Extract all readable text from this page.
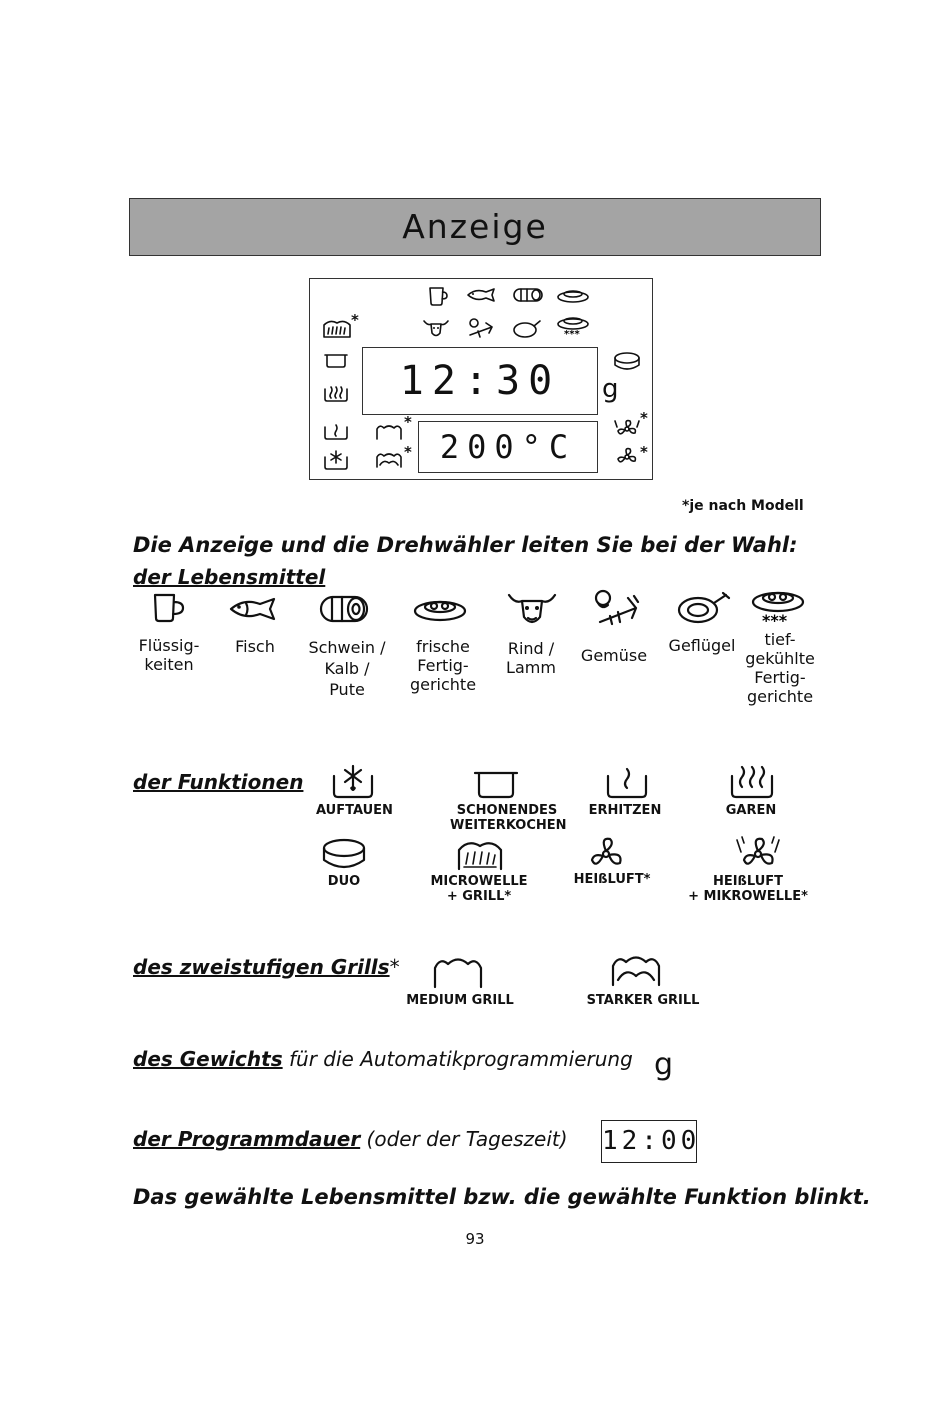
Anzeige
*
***
*
*
12:30
200°C
g
*
*
*je nach Modell
Die Anzeige und die Drehwähler leiten Sie bei der Wahl:
der Lebensmittel
***
Flüssig-
keiten
Fisch	Schwein /
Kalb /
Pute
frische
Fertig-
gerichte
Rind /
Lamm
Gemüse
Geflügel	tief-
gekühlte
Fertig-
gerichte
der Funktionen
AUFTAUEN	SCHONENDES
WEITERKOCHEN
ERHITZEN	GAREN
DUO	MICROWELLE
+ GRILL*
HEIßLUFT*	HEIßLUFT
+ MIKROWELLE*
des zweistufigen Grills*
MEDIUM GRILL	STARKER GRILL
des Gewichts für die Automatikprogrammierung g
der Programmdauer (oder der Tageszeit) 12:00
Das gewählte Lebensmittel bzw. die gewählte Funktion blinkt.
93
